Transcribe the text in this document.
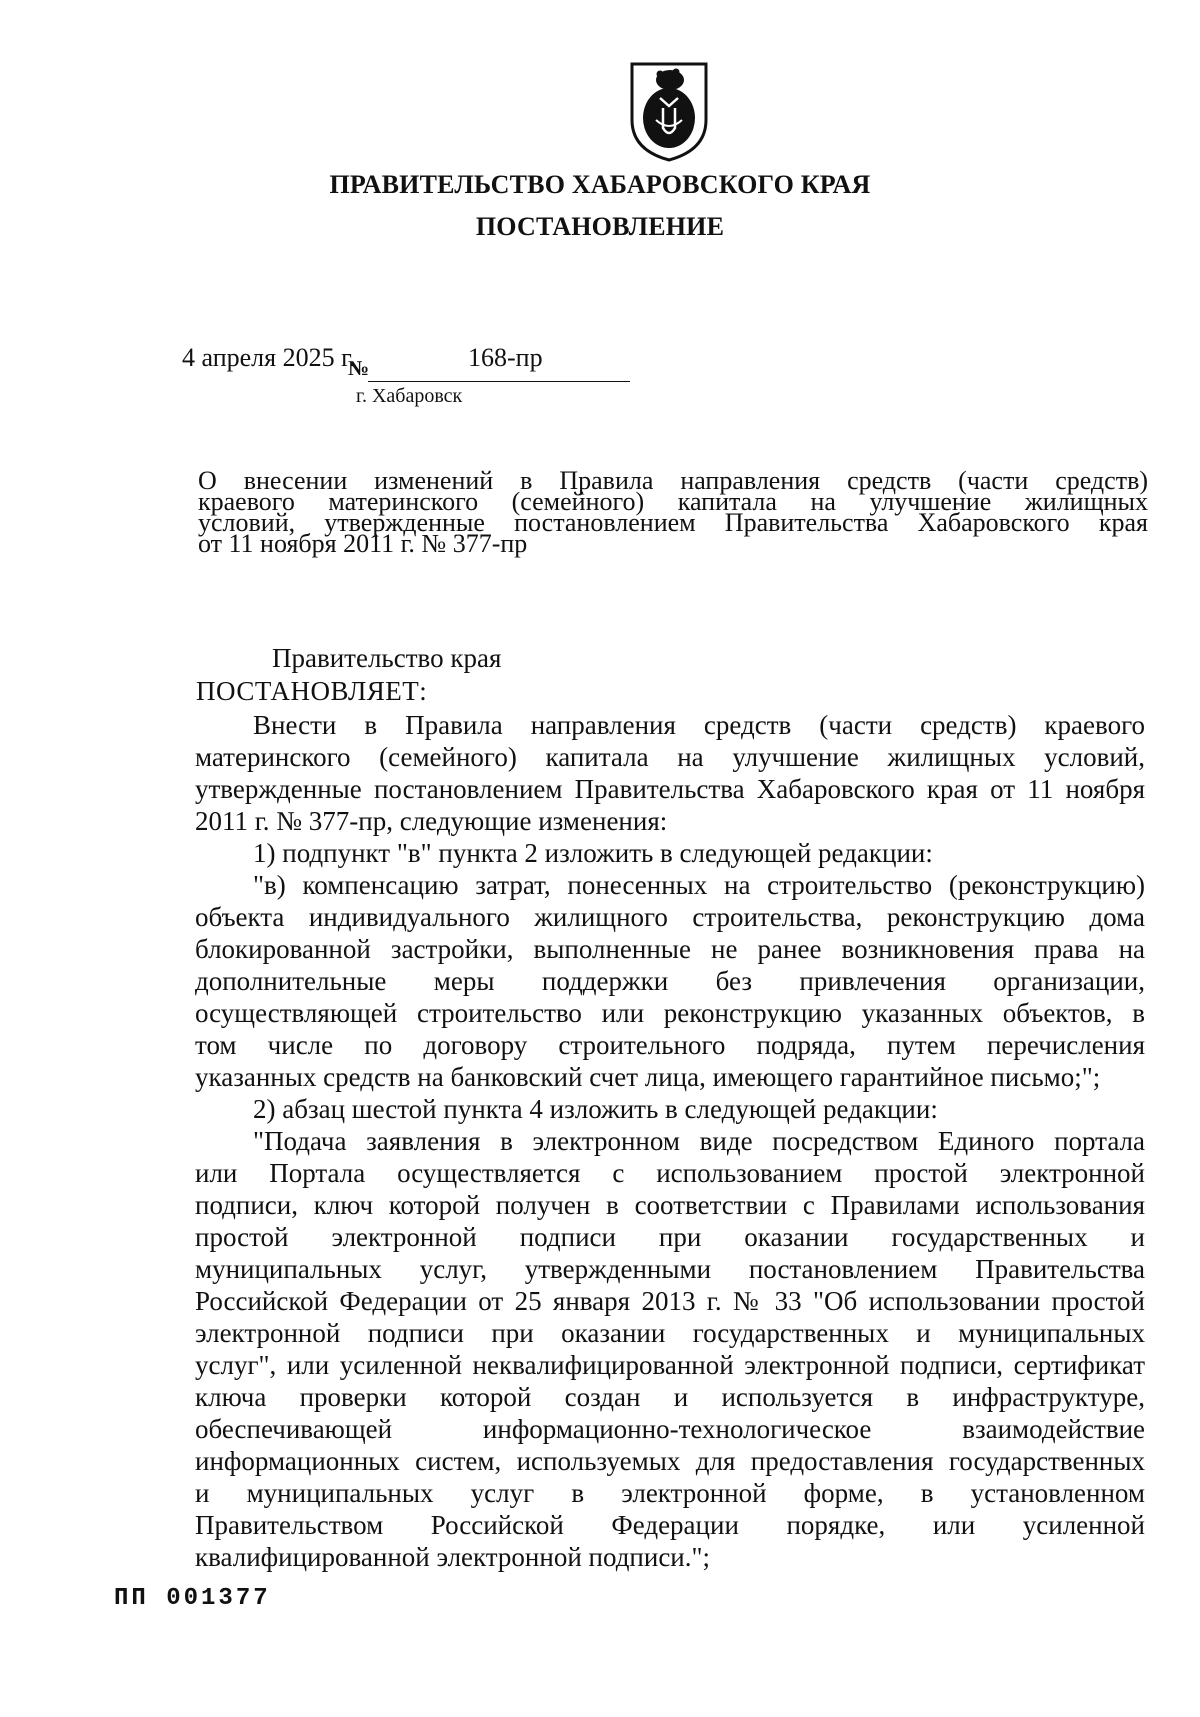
ПРАВИТЕЛЬСТВО ХАБАРОВСКОГО КРАЯ
ПОСТАНОВЛЕНИЕ
4 апреля 2025 г.
№	168-пр
г. Хабаровск
О внесении изменений в Правила направления средств (части средств)
краевого материнского (семейного) капитала на улучшение жилищных
условий, утвержденные постановлением Правительства Хабаровского края
от 11 ноября 2011 г. № 377-пр
Правительство края
ПОСТАНОВЛЯЕТ:
Внести в Правила направления средств (части средств) краевого
материнского (семейного) капитала на улучшение жилищных условий,
утвержденные постановлением Правительства Хабаровского края от 11 ноября
2011 г. № 377-пр, следующие изменения:
1) подпункт "в" пункта 2 изложить в следующей редакции:
"в) компенсацию затрат, понесенных на строительство (реконструкцию)
объекта индивидуального жилищного строительства, реконструкцию дома
блокированной застройки, выполненные не ранее возникновения права на
дополнительные меры поддержки без привлечения организации,
осуществляющей строительство или реконструкцию указанных объектов, в
том числе по договору строительного подряда, путем перечисления
указанных средств на банковский счет лица, имеющего гарантийное письмо;";
2) абзац шестой пункта 4 изложить в следующей редакции:
"Подача заявления в электронном виде посредством Единого портала
или Портала осуществляется с использованием простой электронной
подписи, ключ которой получен в соответствии с Правилами использования
простой электронной подписи при оказании государственных и
муниципальных услуг, утвержденными постановлением Правительства
Российской Федерации от 25 января 2013 г. № 33 "Об использовании простой
электронной подписи при оказании государственных и муниципальных
услуг", или усиленной неквалифицированной электронной подписи, сертификат
ключа проверки которой создан и используется в инфраструктуре,
обеспечивающей информационно-технологическое взаимодействие
информационных систем, используемых для предоставления государственных
и муниципальных услуг в электронной форме, в установленном
Правительством Российской Федерации порядке, или усиленной
квалифицированной электронной подписи.";
ПП 001377
